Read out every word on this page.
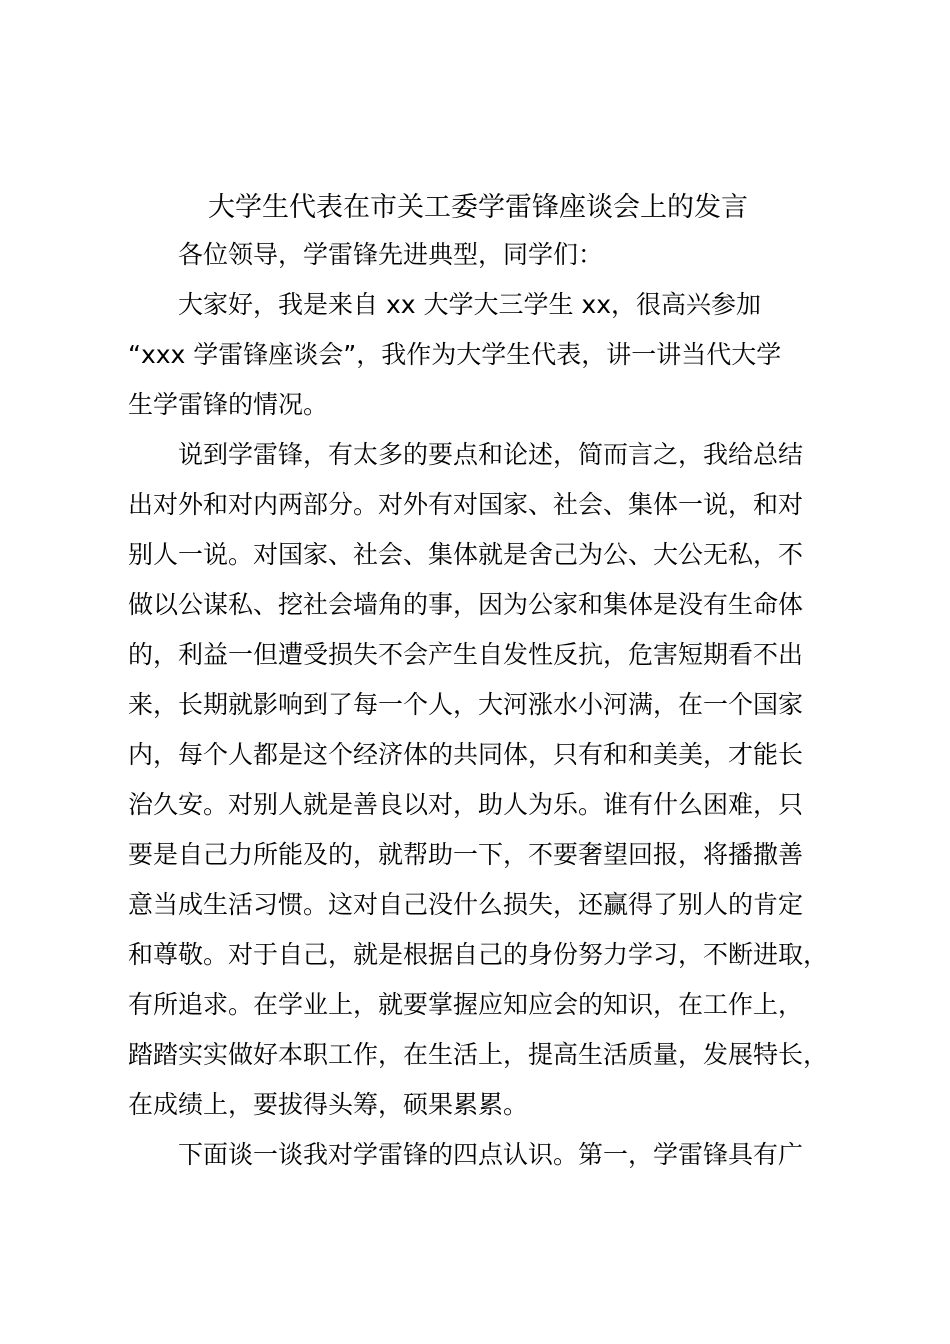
大学生代表在市关工委学雷锋座谈会上的发言
各位领导，学雷锋先进典型，同学们：
大家好，我是来自 xx 大学大三学生 xx，很高兴参加
“xxx 学雷锋座谈会”，我作为大学生代表，讲一讲当代大学
生学雷锋的情况。
说到学雷锋，有太多的要点和论述，简而言之，我给总结
出对外和对内两部分。对外有对国家、社会、集体一说，和对
别人一说。对国家、社会、集体就是舍己为公、大公无私，不
做以公谋私、挖社会墙角的事，因为公家和集体是没有生命体
的，利益一但遭受损失不会产生自发性反抗，危害短期看不出
来，长期就影响到了每一个人，大河涨水小河满，在一个国家
内，每个人都是这个经济体的共同体，只有和和美美，才能长
治久安。对别人就是善良以对，助人为乐。谁有什么困难，只
要是自己力所能及的，就帮助一下，不要奢望回报，将播撒善
意当成生活习惯。这对自己没什么损失，还赢得了别人的肯定
和尊敬。对于自己，就是根据自己的身份努力学习，不断进取，
有所追求。在学业上，就要掌握应知应会的知识，在工作上，
踏踏实实做好本职工作，在生活上，提高生活质量，发展特长，
在成绩上，要拔得头筹，硕果累累。
下面谈一谈我对学雷锋的四点认识。第一，学雷锋具有广
